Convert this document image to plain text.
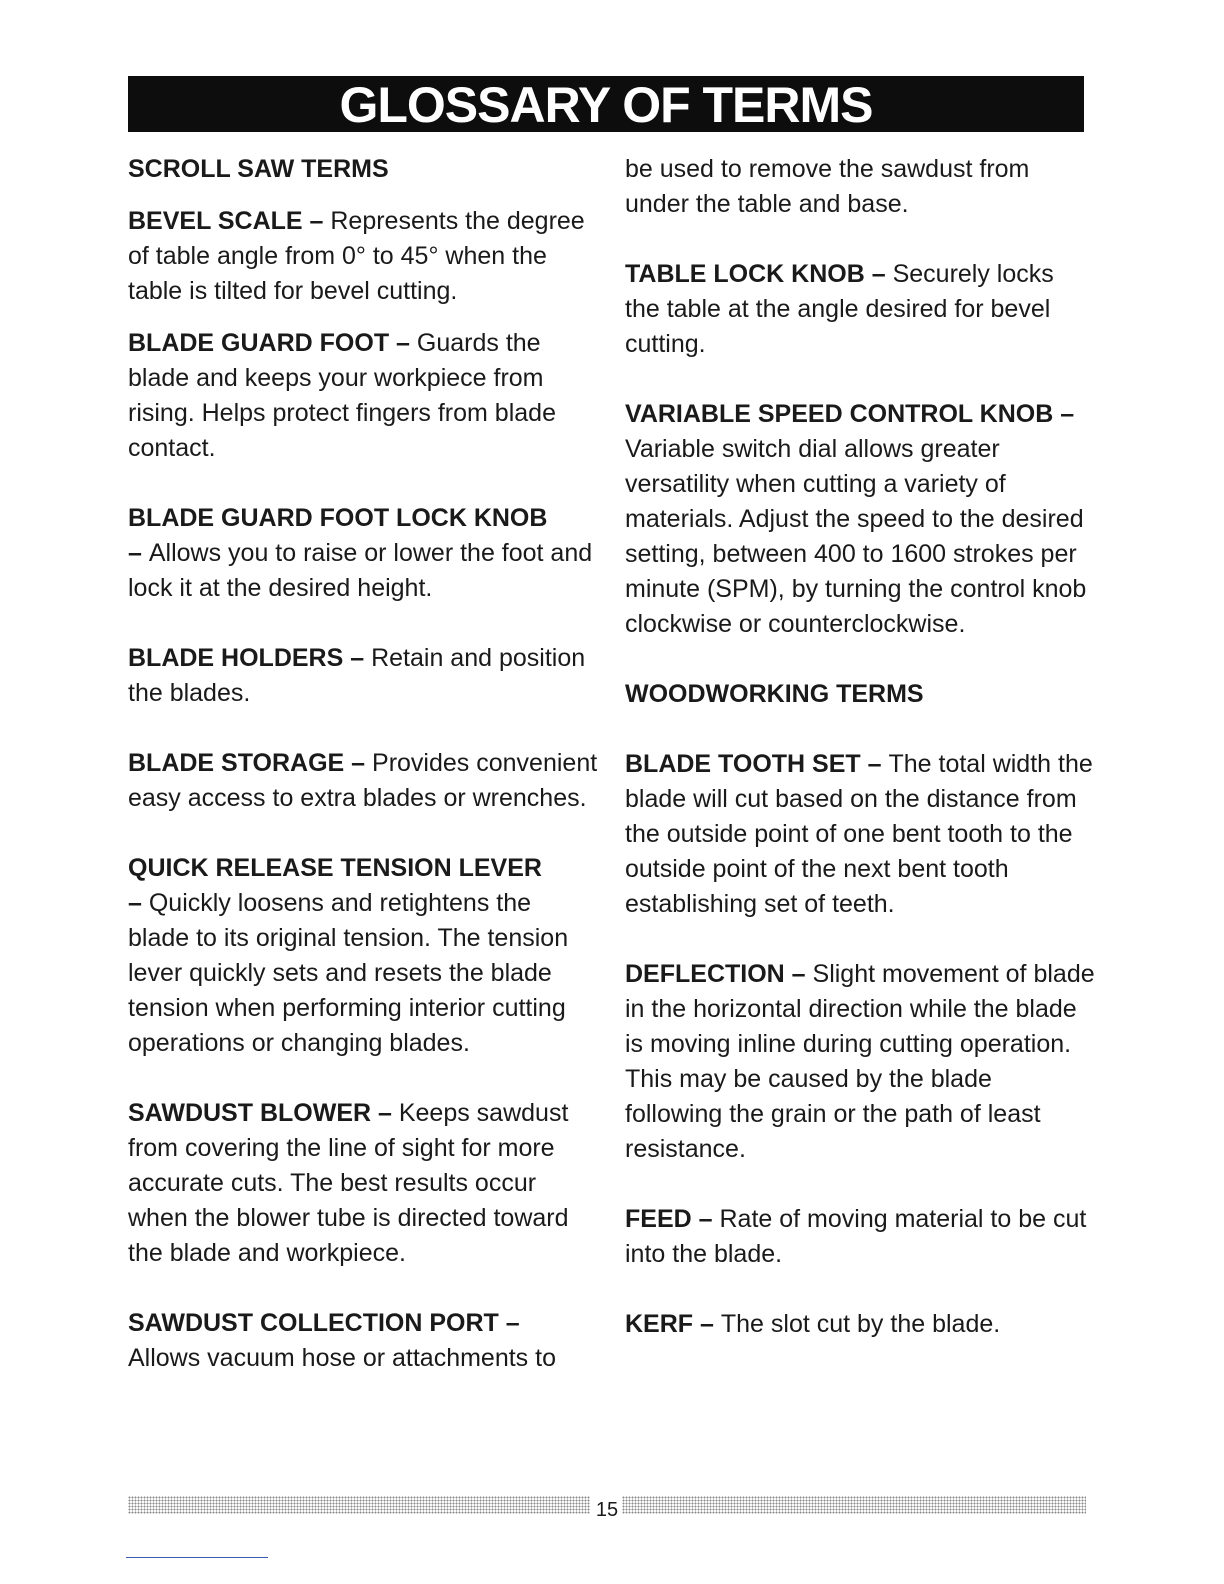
GLOSSARY OF TERMS

SCROLL SAW TERMS

BEVEL SCALE – Represents the degree of table angle from 0° to 45° when the table is tilted for bevel cutting.

BLADE GUARD FOOT – Guards the blade and keeps your workpiece from rising. Helps protect fingers from blade contact.

BLADE GUARD FOOT LOCK KNOB
– Allows you to raise or lower the foot and lock it at the desired height.

BLADE HOLDERS – Retain and position the blades.

BLADE STORAGE – Provides convenient easy access to extra blades or wrenches.

QUICK RELEASE TENSION LEVER
– Quickly loosens and retightens the blade to its original tension. The tension lever quickly sets and resets the blade tension when performing interior cutting operations or changing blades.

SAWDUST BLOWER – Keeps sawdust from covering the line of sight for more accurate cuts. The best results occur when the blower tube is directed toward the blade and workpiece.

SAWDUST COLLECTION PORT –
Allows vacuum hose or attachments to

be used to remove the sawdust from under the table and base.

TABLE LOCK KNOB – Securely locks the table at the angle desired for bevel cutting.

VARIABLE SPEED CONTROL KNOB – Variable switch dial allows greater versatility when cutting a variety of materials. Adjust the speed to the desired setting, between 400 to 1600 strokes per minute (SPM), by turning the control knob clockwise or counterclockwise.

WOODWORKING TERMS

BLADE TOOTH SET – The total width the blade will cut based on the distance from the outside point of one bent tooth to the outside point of the next bent tooth establishing set of teeth.

DEFLECTION – Slight movement of blade in the horizontal direction while the blade is moving inline during cutting operation. This may be caused by the blade following the grain or the path of least resistance.

FEED – Rate of moving material to be cut into the blade.

KERF – The slot cut by the blade.

15
